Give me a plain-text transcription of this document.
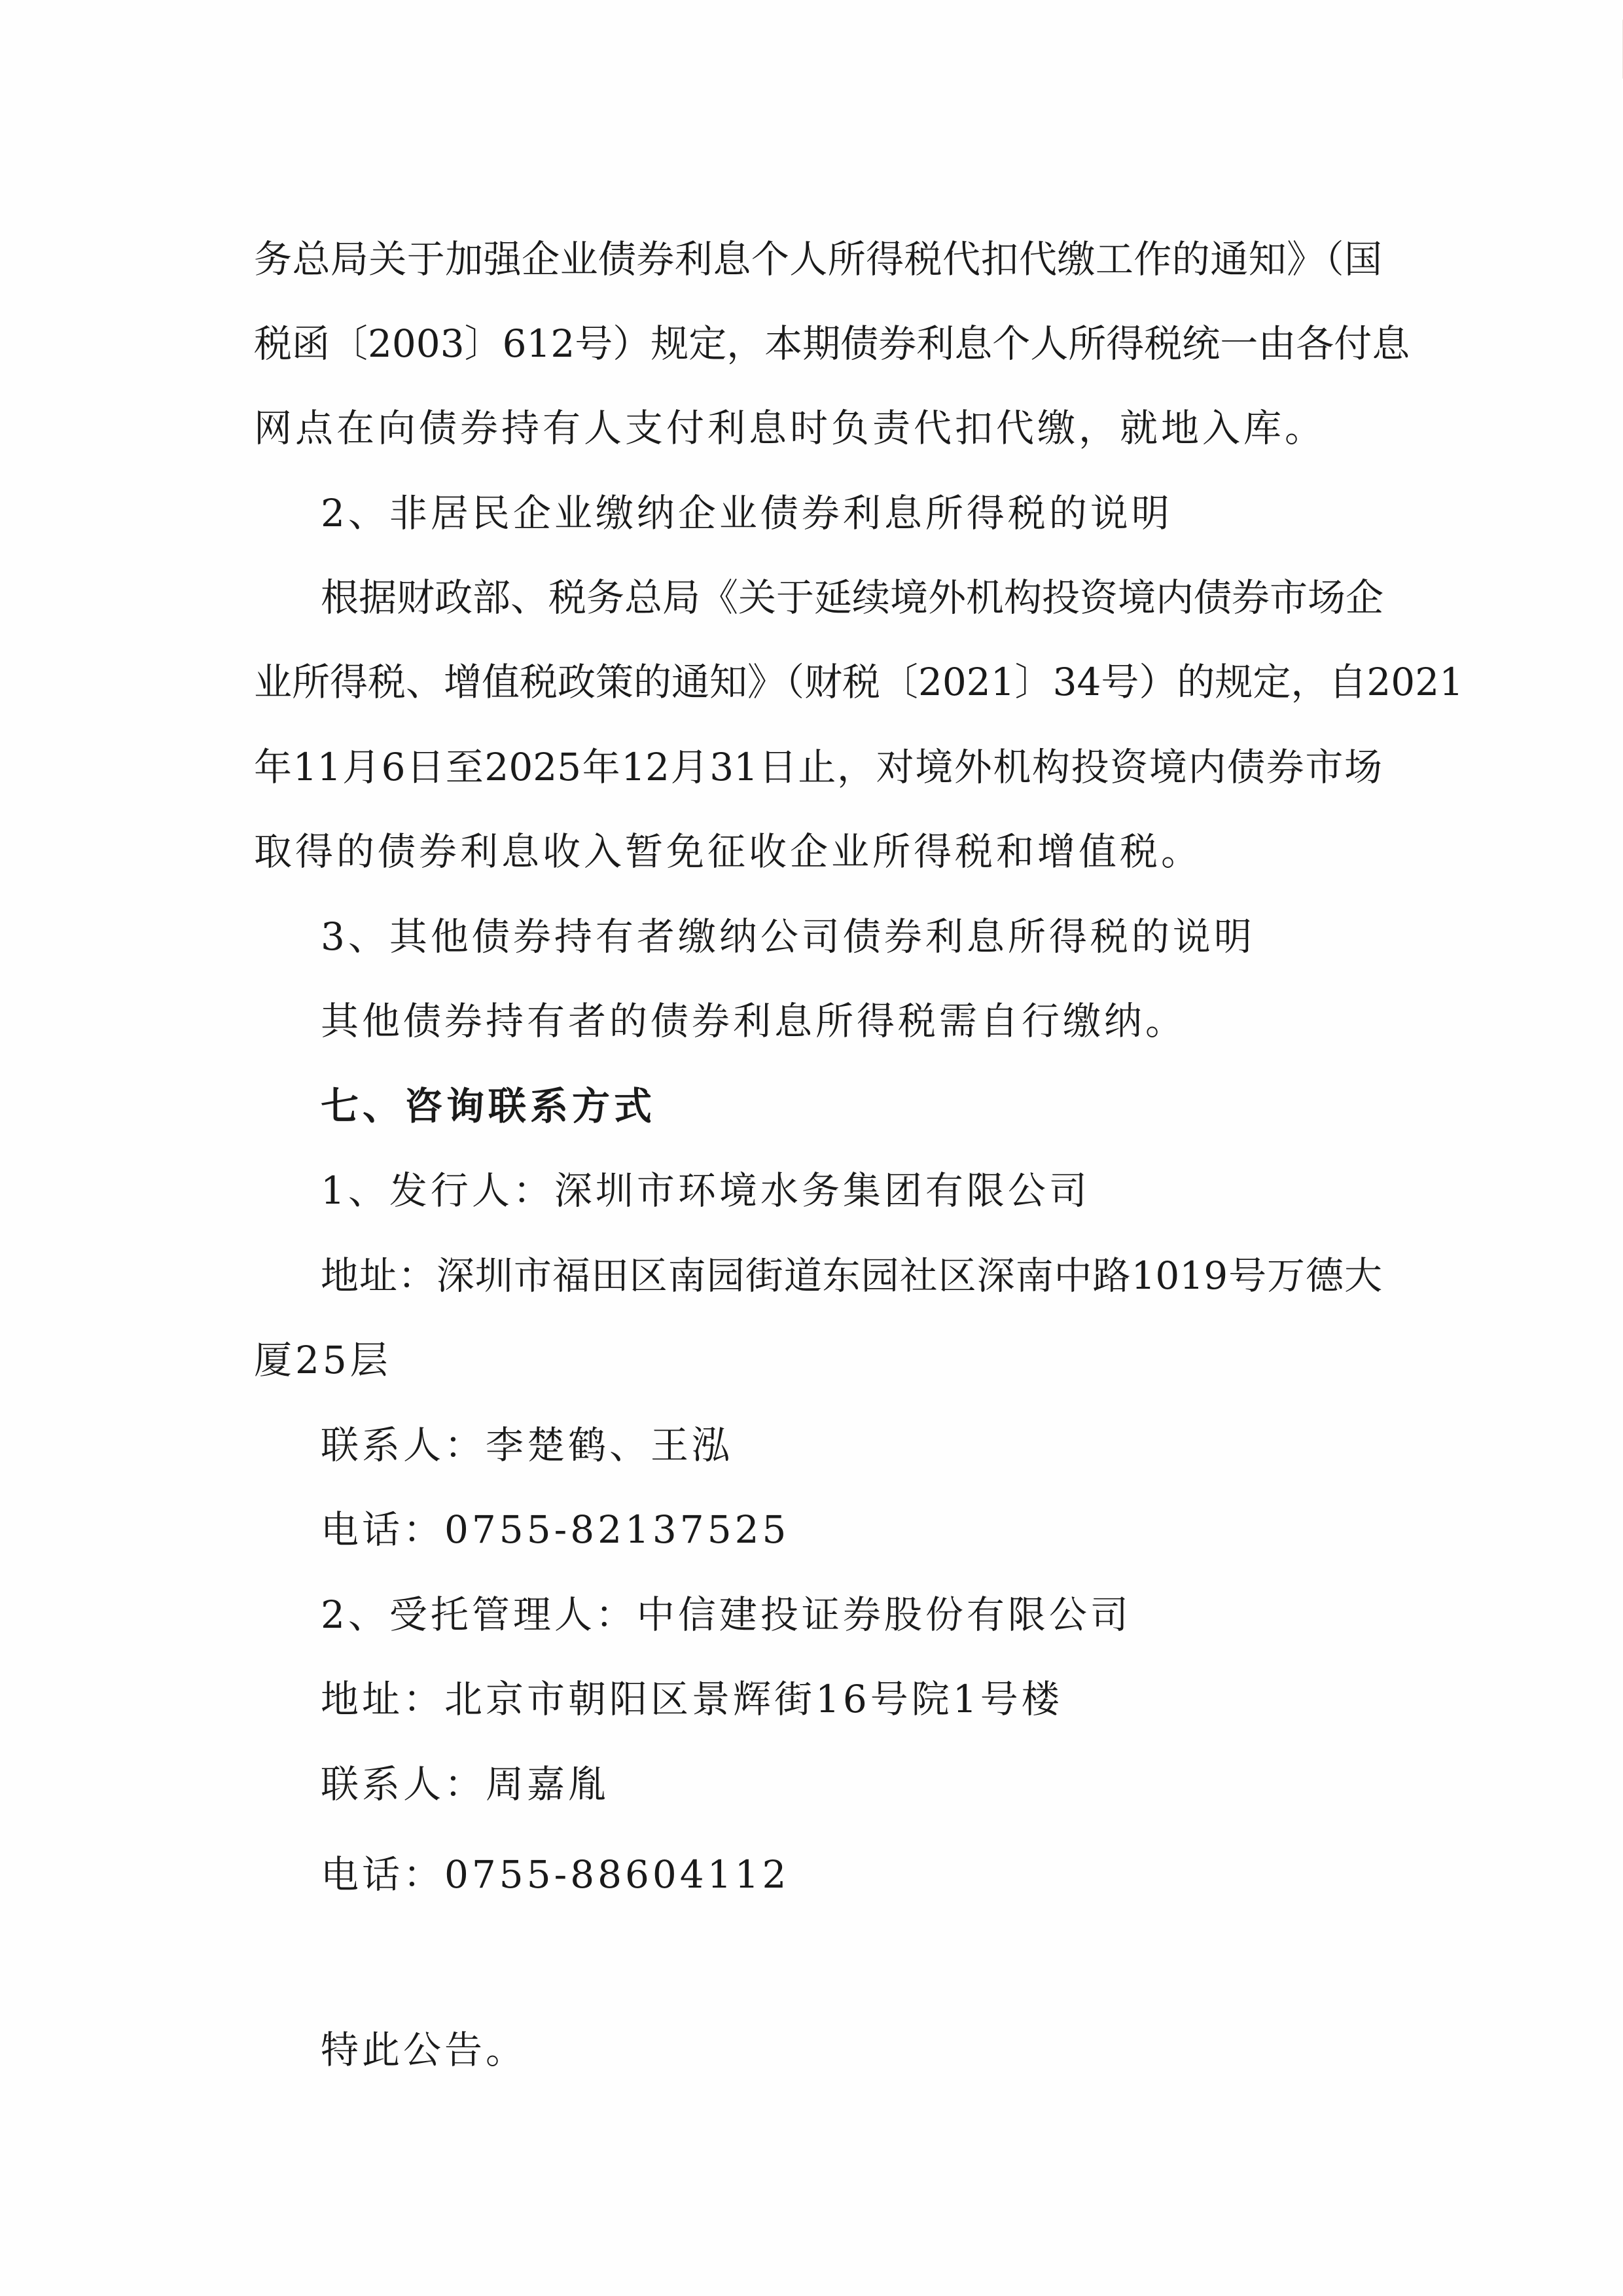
务总局关于加强企业债券利息个人所得税代扣代缴工作的通知》（国
税函〔2003〕612号）规定，本期债券利息个人所得税统一由各付息
网点在向债券持有人支付利息时负责代扣代缴，就地入库。
2、非居民企业缴纳企业债券利息所得税的说明
根据财政部、税务总局《关于延续境外机构投资境内债券市场企
业所得税、增值税政策的通知》（财税〔2021〕34号）的规定，自2021
年11月6日至2025年12月31日止，对境外机构投资境内债券市场
取得的债券利息收入暂免征收企业所得税和增值税。
3、其他债券持有者缴纳公司债券利息所得税的说明
其他债券持有者的债券利息所得税需自行缴纳。
七、咨询联系方式
1、发行人：深圳市环境水务集团有限公司
地址：深圳市福田区南园街道东园社区深南中路1019号万德大
厦25层
联系人：李楚鹤、王泓
电话：0755-82137525
2、受托管理人：中信建投证券股份有限公司
地址：北京市朝阳区景辉街16号院1号楼
联系人：周嘉胤
电话：0755-88604112
特此公告。
